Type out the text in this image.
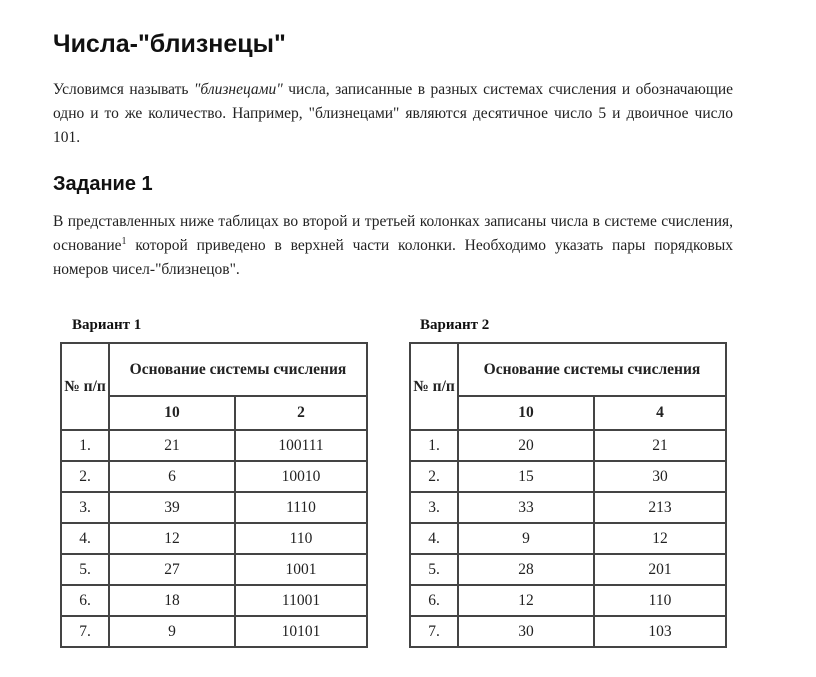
Числа-"близнецы"

Условимся называть "близнецами" числа, записанные в разных системах счисления и обозначающие одно и то же количество. Например, "близнецами" являются десятичное число 5 и двоичное число 101.

Задание 1

В представленных ниже таблицах во второй и третьей колонках записаны числа в системе счисления, основание$^1$ которой приведено в верхней части колонки. Необходимо указать пары порядковых номеров чисел-"близнецов".

Вариант 1
№ п/п	Основание системы счисления	
	10	2
1.	21	100111
2.	6	10010
3.	39	1110
4.	12	110
5.	27	1001
6.	18	11001
7.	9	10101
Вариант 2
№ п/п	Основание системы счисления	
	10	4
1.	20	21
2.	15	30
3.	33	213
4.	9	12
5.	28	201
6.	12	110
7.	30	103
